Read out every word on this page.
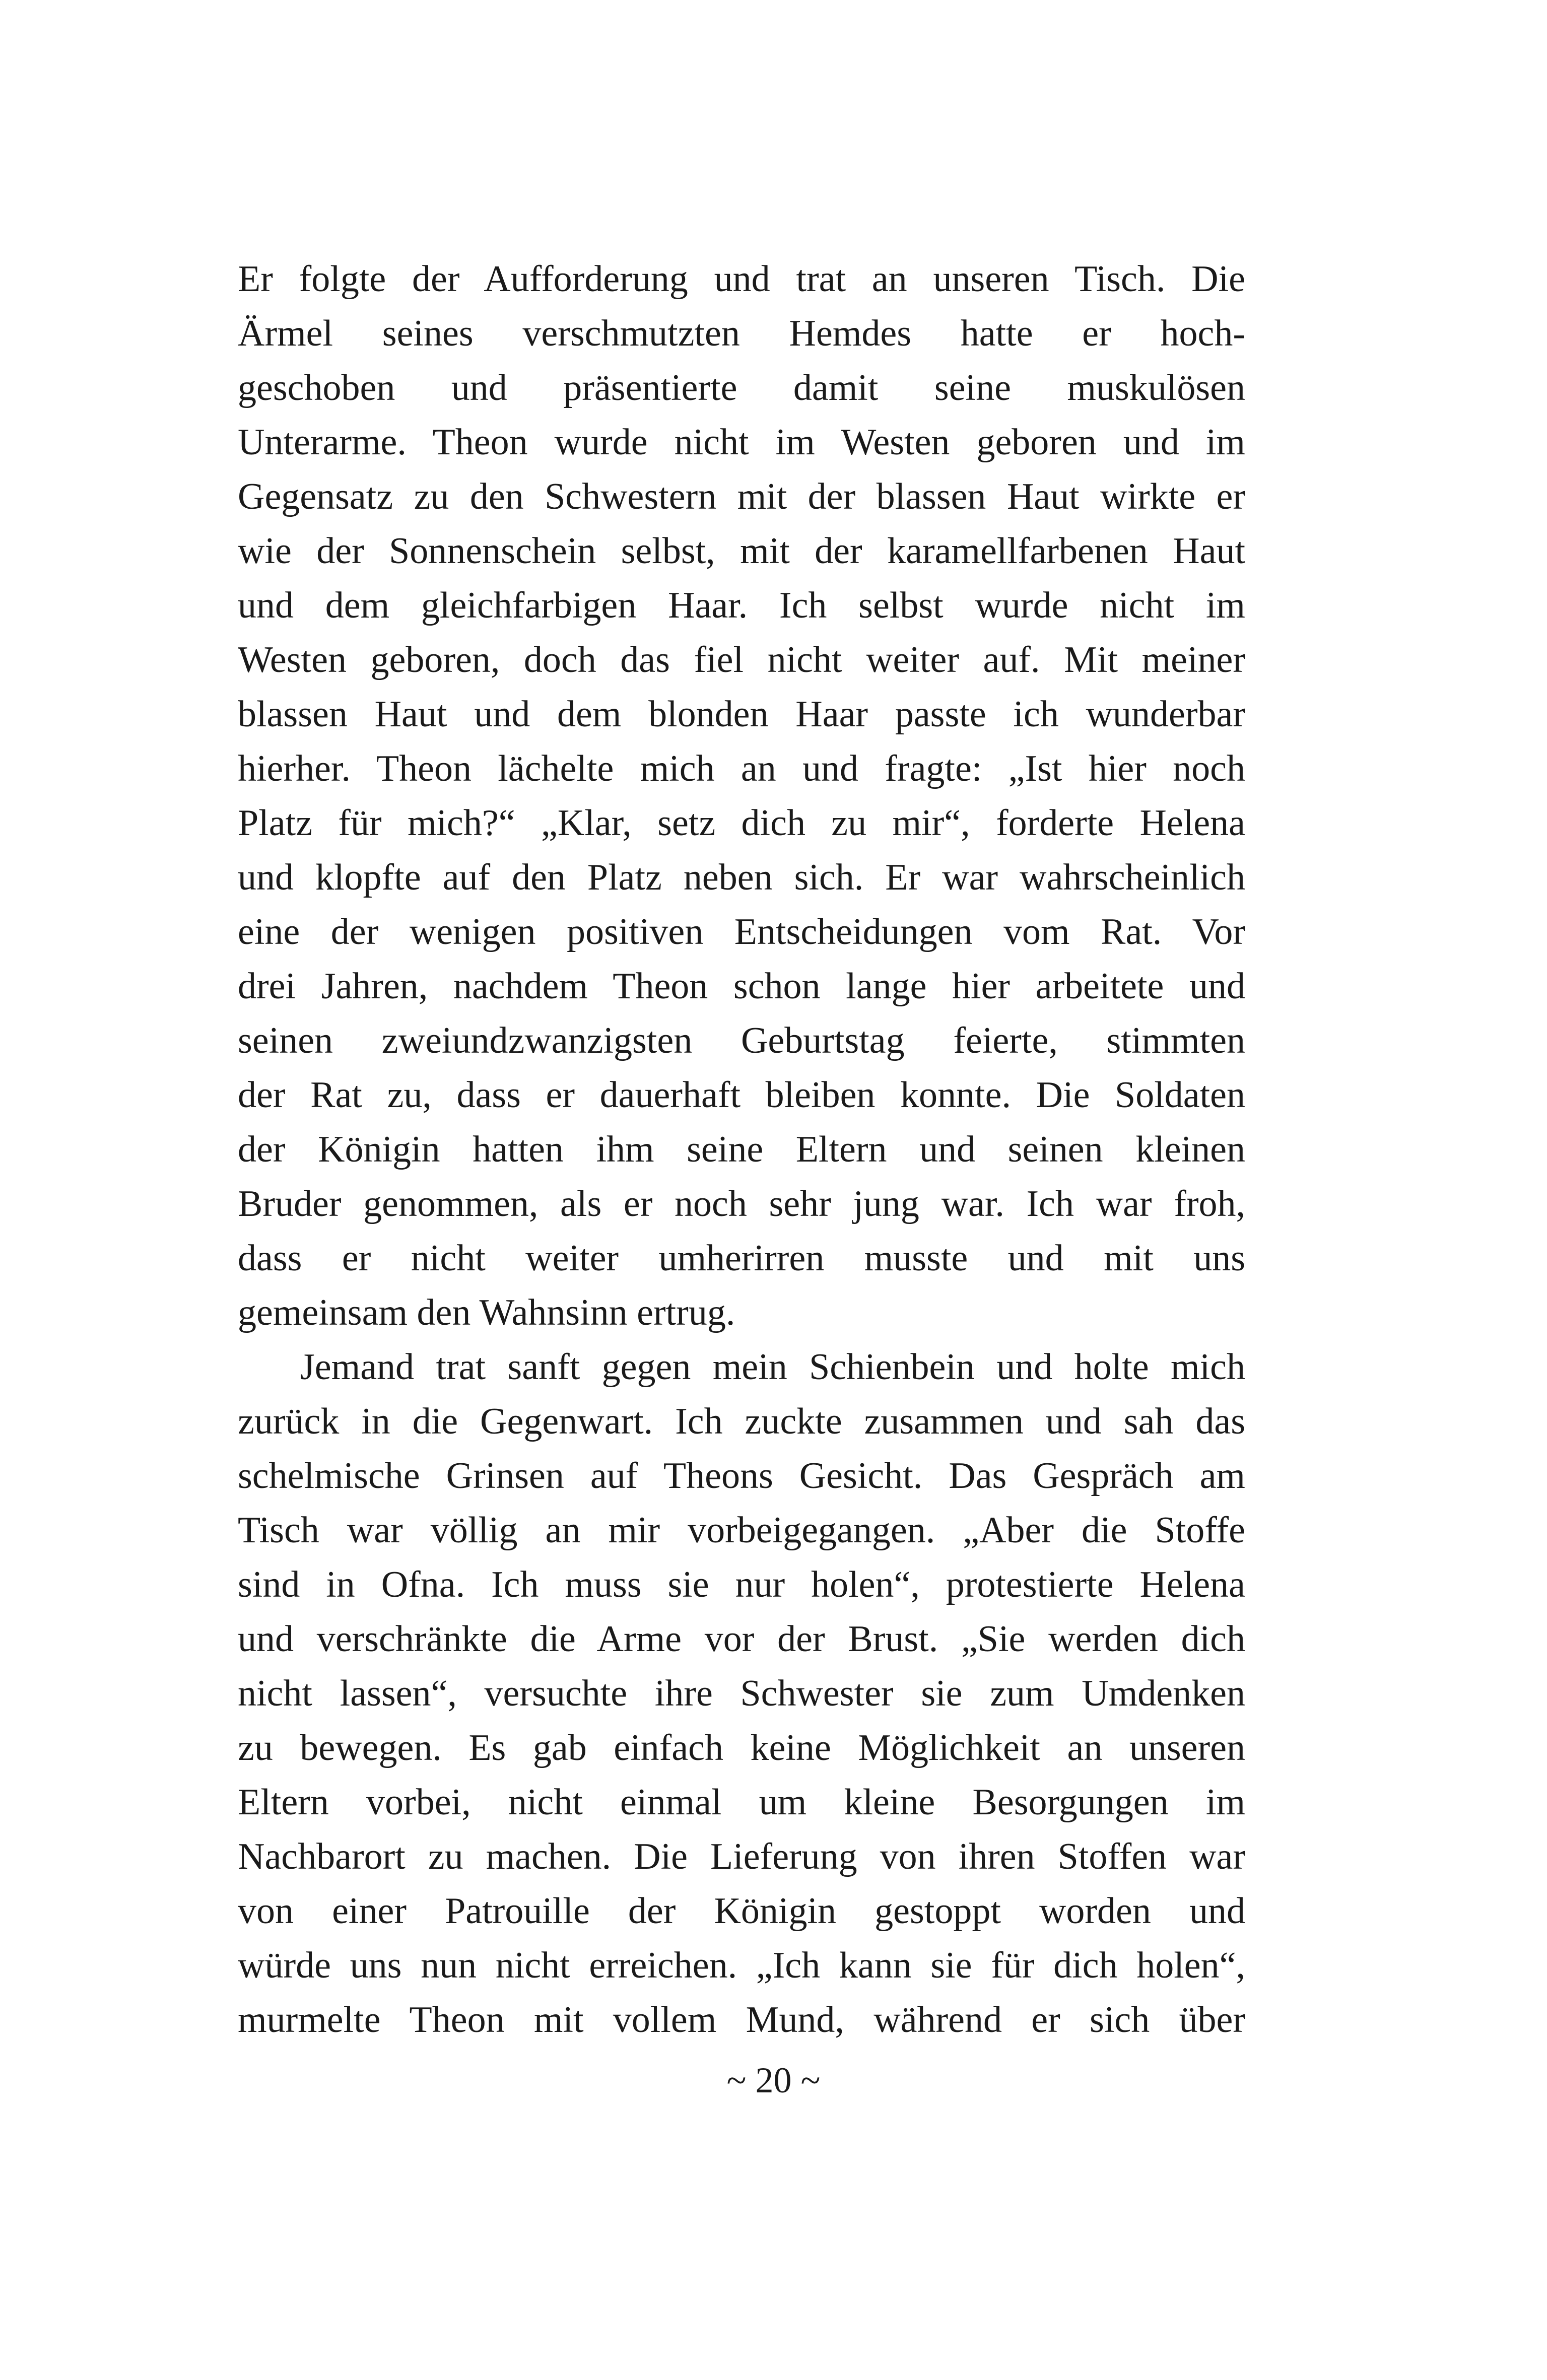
Er folgte der Aufforderung und trat an unseren Tisch. Die
Ärmel seines verschmutzten Hemdes hatte er hoch-
geschoben und präsentierte damit seine muskulösen
Unterarme. Theon wurde nicht im Westen geboren und im
Gegensatz zu den Schwestern mit der blassen Haut wirkte er
wie der Sonnenschein selbst, mit der karamellfarbenen Haut
und dem gleichfarbigen Haar. Ich selbst wurde nicht im
Westen geboren, doch das fiel nicht weiter auf. Mit meiner
blassen Haut und dem blonden Haar passte ich wunderbar
hierher. Theon lächelte mich an und fragte: „Ist hier noch
Platz für mich?“ „Klar, setz dich zu mir“, forderte Helena
und klopfte auf den Platz neben sich. Er war wahrscheinlich
eine der wenigen positiven Entscheidungen vom Rat. Vor
drei Jahren, nachdem Theon schon lange hier arbeitete und
seinen zweiundzwanzigsten Geburtstag feierte, stimmten
der Rat zu, dass er dauerhaft bleiben konnte. Die Soldaten
der Königin hatten ihm seine Eltern und seinen kleinen
Bruder genommen, als er noch sehr jung war. Ich war froh,
dass er nicht weiter umherirren musste und mit uns
gemeinsam den Wahnsinn ertrug.
Jemand trat sanft gegen mein Schienbein und holte mich
zurück in die Gegenwart. Ich zuckte zusammen und sah das
schelmische Grinsen auf Theons Gesicht. Das Gespräch am
Tisch war völlig an mir vorbeigegangen. „Aber die Stoffe
sind in Ofna. Ich muss sie nur holen“, protestierte Helena
und verschränkte die Arme vor der Brust. „Sie werden dich
nicht lassen“, versuchte ihre Schwester sie zum Umdenken
zu bewegen. Es gab einfach keine Möglichkeit an unseren
Eltern vorbei, nicht einmal um kleine Besorgungen im
Nachbarort zu machen. Die Lieferung von ihren Stoffen war
von einer Patrouille der Königin gestoppt worden und
würde uns nun nicht erreichen. „Ich kann sie für dich holen“,
murmelte Theon mit vollem Mund, während er sich über
~ 20 ~
